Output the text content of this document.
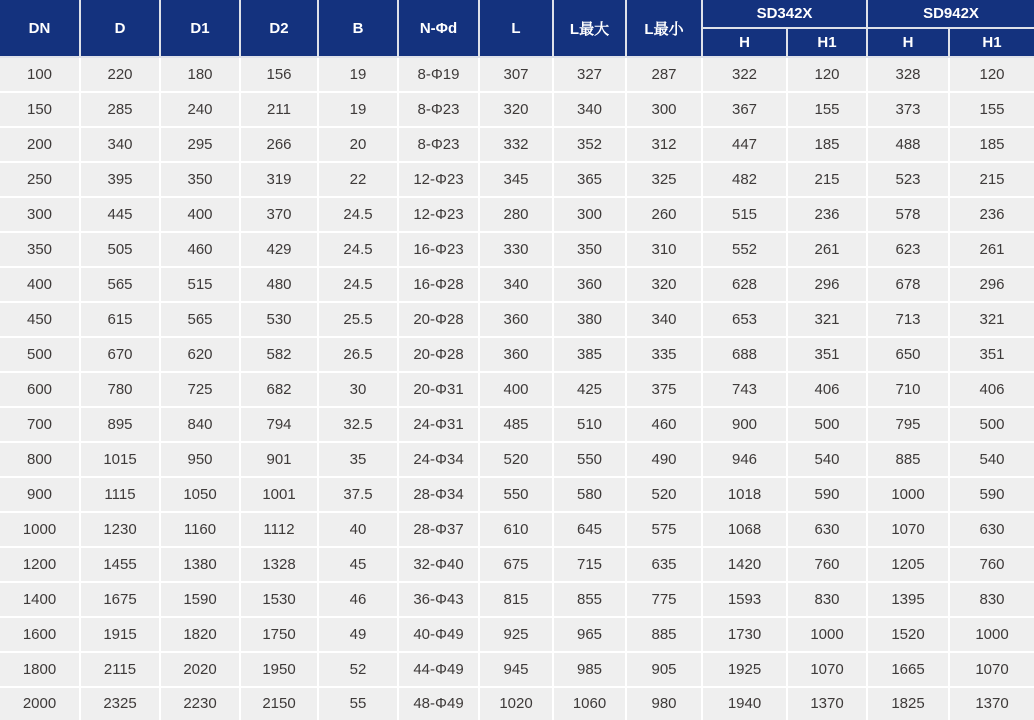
DN	D	D1	D2	B	N-Φd	L	L最大	L最小	SD342X		SD942X	
									H	H1	H	H1
100	220	180	156	19	8-Φ19	307	327	287	322	120	328	120
150	285	240	211	19	8-Φ23	320	340	300	367	155	373	155
200	340	295	266	20	8-Φ23	332	352	312	447	185	488	185
250	395	350	319	22	12-Φ23	345	365	325	482	215	523	215
300	445	400	370	24.5	12-Φ23	280	300	260	515	236	578	236
350	505	460	429	24.5	16-Φ23	330	350	310	552	261	623	261
400	565	515	480	24.5	16-Φ28	340	360	320	628	296	678	296
450	615	565	530	25.5	20-Φ28	360	380	340	653	321	713	321
500	670	620	582	26.5	20-Φ28	360	385	335	688	351	650	351
600	780	725	682	30	20-Φ31	400	425	375	743	406	710	406
700	895	840	794	32.5	24-Φ31	485	510	460	900	500	795	500
800	1015	950	901	35	24-Φ34	520	550	490	946	540	885	540
900	1115	1050	1001	37.5	28-Φ34	550	580	520	1018	590	1000	590
1000	1230	1160	1112	40	28-Φ37	610	645	575	1068	630	1070	630
1200	1455	1380	1328	45	32-Φ40	675	715	635	1420	760	1205	760
1400	1675	1590	1530	46	36-Φ43	815	855	775	1593	830	1395	830
1600	1915	1820	1750	49	40-Φ49	925	965	885	1730	1000	1520	1000
1800	2115	2020	1950	52	44-Φ49	945	985	905	1925	1070	1665	1070
2000	2325	2230	2150	55	48-Φ49	1020	1060	980	1940	1370	1825	1370
